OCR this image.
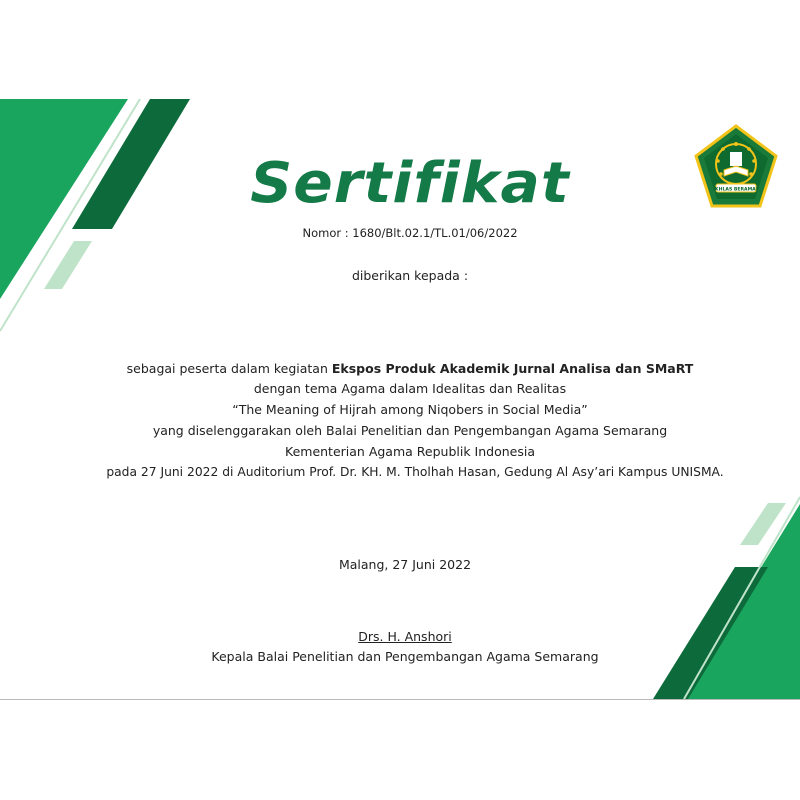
IKHLAS BERAMAL
Sertifikat
Nomor : 1680/Blt.02.1/TL.01/06/2022
diberikan kepada :
sebagai peserta dalam kegiatan Ekspos Produk Akademik Jurnal Analisa dan SMaRT
dengan tema Agama dalam Idealitas dan Realitas
“The Meaning of Hijrah among Niqobers in Social Media”
yang diselenggarakan oleh Balai Penelitian dan Pengembangan Agama Semarang
Kementerian Agama Republik Indonesia
pada 27 Juni 2022 di Auditorium Prof. Dr. KH. M. Tholhah Hasan, Gedung Al Asy’ari Kampus UNISMA.
Malang, 27 Juni 2022
Drs. H. Anshori
Kepala Balai Penelitian dan Pengembangan Agama Semarang
